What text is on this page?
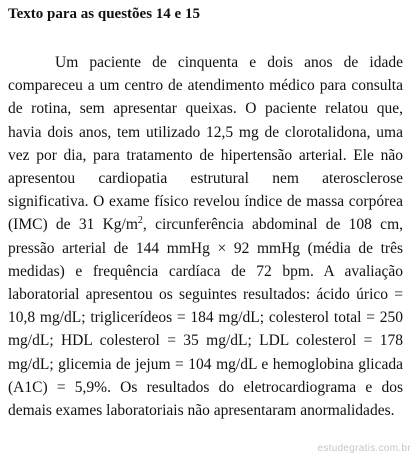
Texto para as questões 14 e 15

Um paciente de cinquenta e dois anos de idade compareceu a um centro de atendimento médico para consulta de rotina, sem apresentar queixas. O paciente relatou que, havia dois anos, tem utilizado 12,5 mg de clorotalidona, uma vez por dia, para tratamento de hipertensão arterial. Ele não apresentou cardiopatia estrutural nem aterosclerose significativa. O exame físico revelou índice de massa corpórea (IMC) de 31 $Kg/m^2$, circunferência abdominal de 108 cm, pressão arterial de 144 mmHg × 92 mmHg (média de três medidas) e frequência cardíaca de 72 bpm. A avaliação laboratorial apresentou os seguintes resultados: ácido úrico = 10,8 mg/dL; triglicerídeos = 184 mg/dL; colesterol total = 250 mg/dL; HDL colesterol = 35 mg/dL; LDL colesterol = 178 mg/dL; glicemia de jejum = 104 mg/dL e hemoglobina glicada (A1C) = 5,9%. Os resultados do eletrocardiograma e dos demais exames laboratoriais não apresentaram anormalidades.

estudegratis.com.br
